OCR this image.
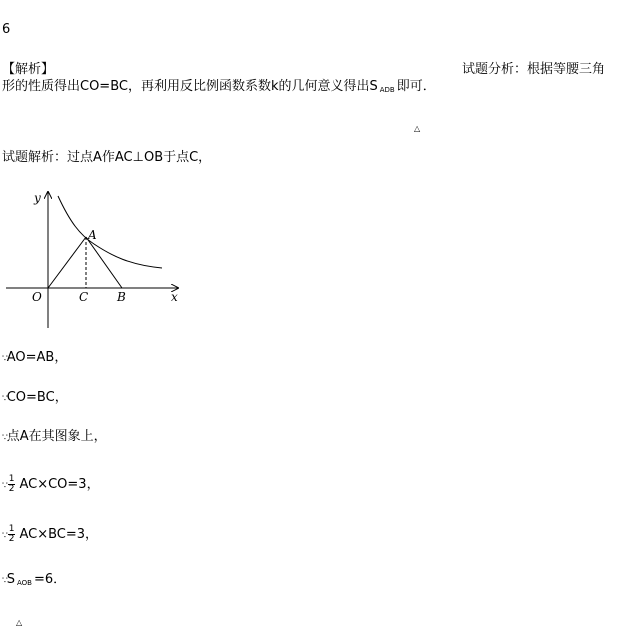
6
【解析】	试题分析：根据等腰三角
形的性质得出CO=BC，再利用反比例函数系数k的几何意义得出S ADB 即可．
△
试题解析：过点A作AC⊥OB于点C，
y
x
O
A
C B
∵AO=AB，
∵CO=BC，
∵点A在其图象上，
∵ $\frac{1}{2} AC\times CO=3$，
∵ $\frac{1}{2} AC\times BC=3$，
∵S AOB =6．
△
